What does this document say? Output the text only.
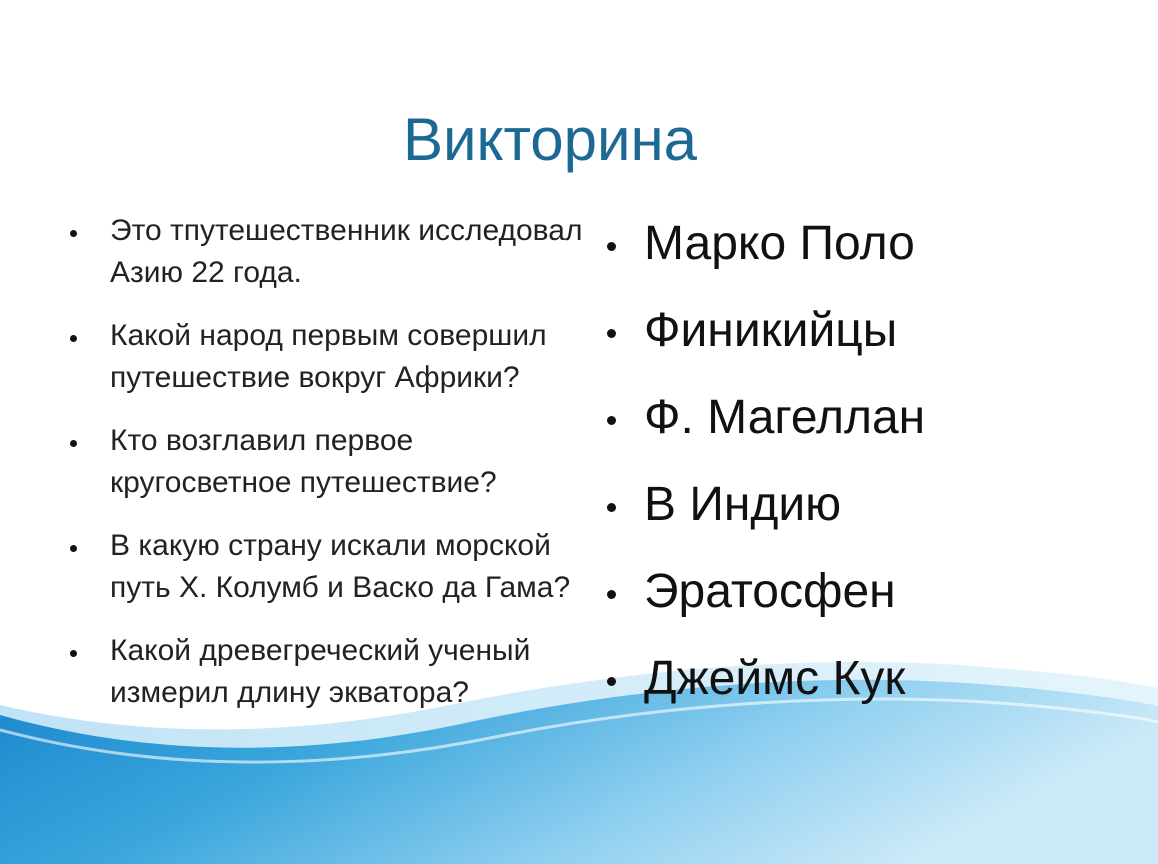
Викторина
Это тпутешественник исследовал Азию 22 года.
Какой народ первым совершил путешествие вокруг Африки?
Кто возглавил первое кругосветное путешествие?
В какую страну искали морской путь Х. Колумб и Васко да Гама?
Какой древегреческий ученый измерил длину экватора?
Марко Поло
Финикийцы
Ф. Магеллан
В Индию
Эратосфен
Джеймс Кук
